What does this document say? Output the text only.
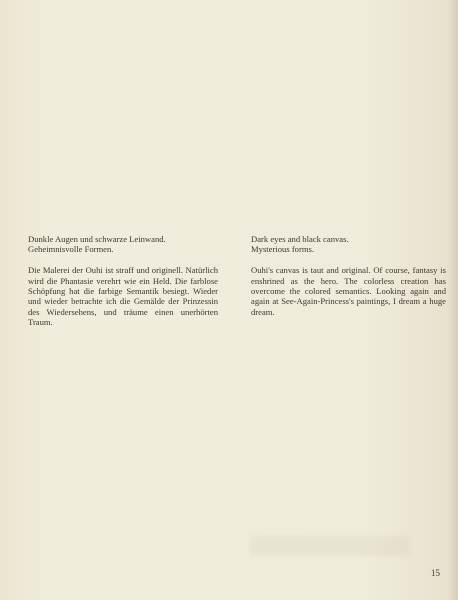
Dunkle Augen und schwarze Leinwand.
Geheimnisvolle Formen.

Die Malerei der Ouhi ist straff und originell. Natürlich wird die Phantasie verehrt wie ein Held. Die farblose Schöpfung hat die farbige Semantik besiegt. Wieder und wieder betrachte ich die Gemälde der Prinzessin des Wiedersehens, und träume einen unerhörten Traum.

Dark eyes and black canvas.
Mysterious forms.

Ouhi's canvas is taut and original. Of course, fantasy is enshrined as the hero. The colorless creation has overcome the colored semantics. Looking again and again at See-Again-Princess's paintings, I dream a huge dream.

15
